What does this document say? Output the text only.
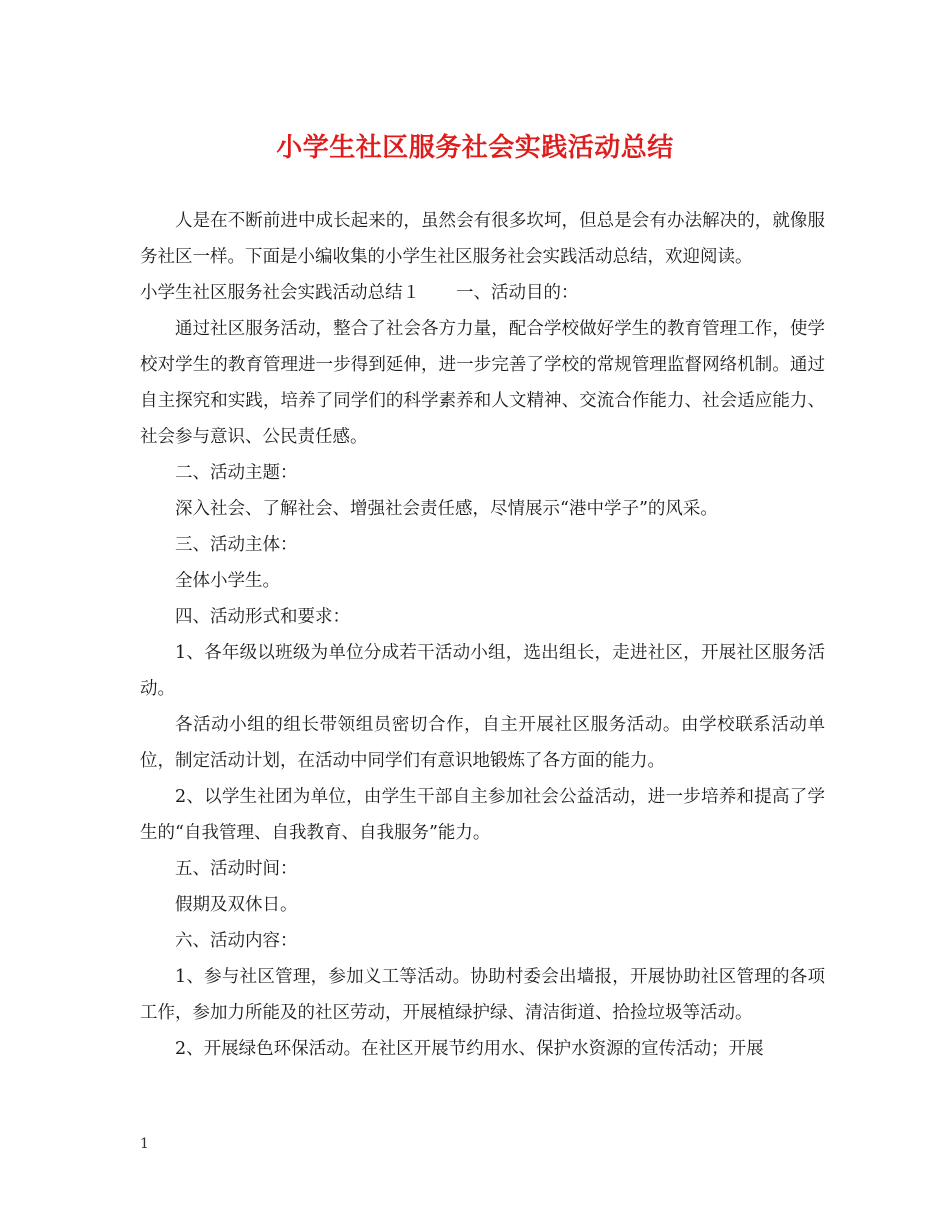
小学生社区服务社会实践活动总结

人是在不断前进中成长起来的，虽然会有很多坎坷，但总是会有办法解决的，就像服务社区一样。下面是小编收集的小学生社区服务社会实践活动总结，欢迎阅读。

小学生社区服务社会实践活动总结１ 一、活动目的：

通过社区服务活动，整合了社会各方力量，配合学校做好学生的教育管理工作，使学校对学生的教育管理进一步得到延伸，进一步完善了学校的常规管理监督网络机制。通过自主探究和实践，培养了同学们的科学素养和人文精神、交流合作能力、社会适应能力、社会参与意识、公民责任感。

二、活动主题：

深入社会、了解社会、增强社会责任感，尽情展示“港中学子”的风采。

三、活动主体：

全体小学生。

四、活动形式和要求：

1、各年级以班级为单位分成若干活动小组，选出组长，走进社区，开展社区服务活动。

各活动小组的组长带领组员密切合作，自主开展社区服务活动。由学校联系活动单位，制定活动计划，在活动中同学们有意识地锻炼了各方面的能力。

2、以学生社团为单位，由学生干部自主参加社会公益活动，进一步培养和提高了学生的“自我管理、自我教育、自我服务”能力。

五、活动时间：

假期及双休日。

六、活动内容：

1、参与社区管理，参加义工等活动。协助村委会出墙报，开展协助社区管理的各项工作，参加力所能及的社区劳动，开展植绿护绿、清洁街道、拾捡垃圾等活动。

2、开展绿色环保活动。在社区开展节约用水、保护水资源的宣传活动；开展

1
